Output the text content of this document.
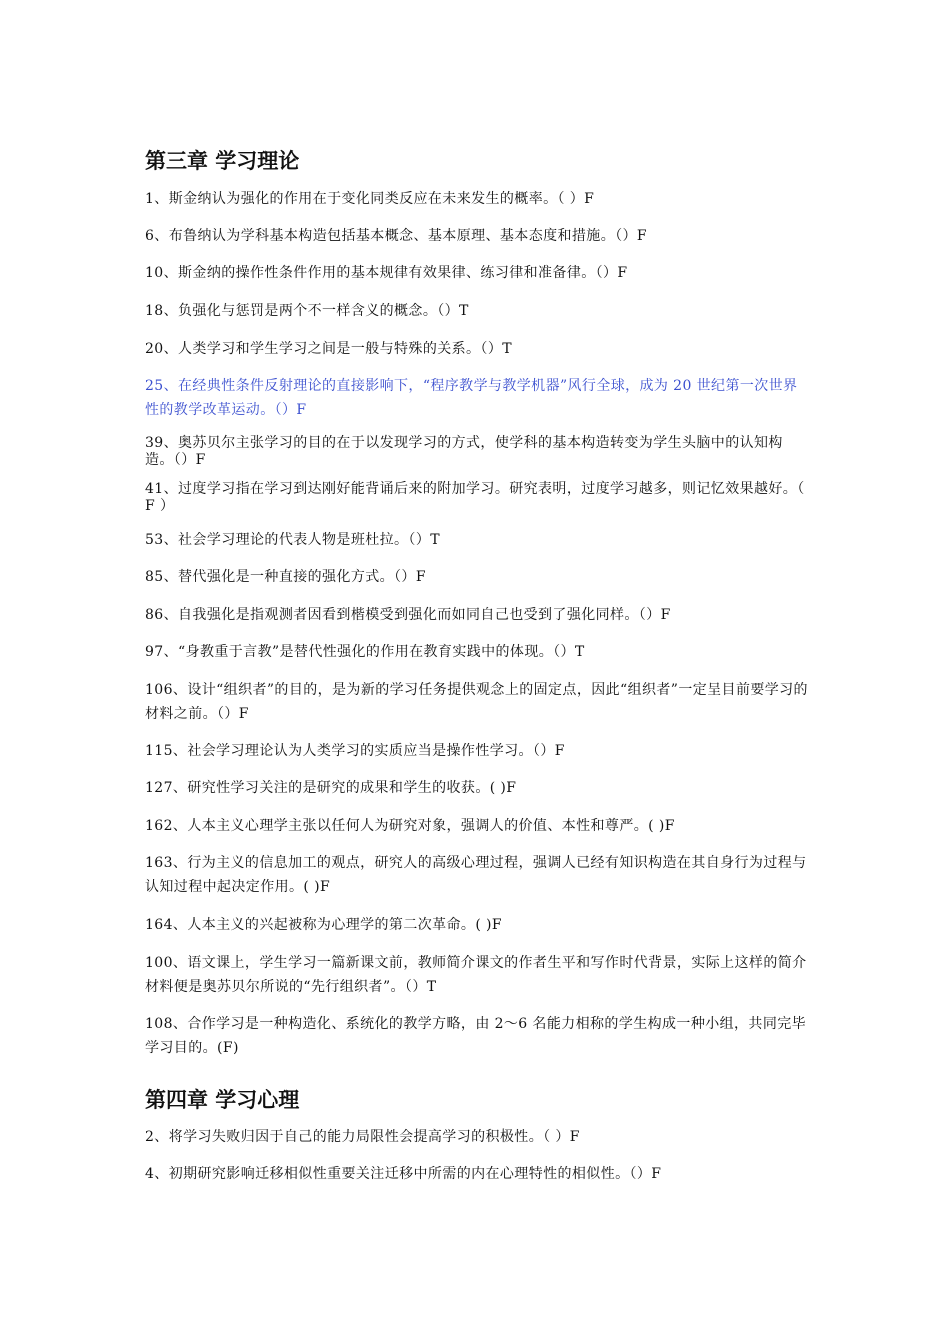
第三章 学习理论

1、斯金纳认为强化的作用在于变化同类反应在未来发生的概率。（ ）F

6、布鲁纳认为学科基本构造包括基本概念、基本原理、基本态度和措施。（）F

10、斯金纳的操作性条件作用的基本规律有效果律、练习律和准备律。（）F

18、负强化与惩罚是两个不一样含义的概念。（）T

20、人类学习和学生学习之间是一般与特殊的关系。（）T

25、在经典性条件反射理论的直接影响下，“程序教学与教学机器”风行全球，成为 20 世纪第一次世界性的教学改革运动。（）F

39、奥苏贝尔主张学习的目的在于以发现学习的方式，使学科的基本构造转变为学生头脑中的认知构造。（）F

41、过度学习指在学习到达刚好能背诵后来的附加学习。研究表明，过度学习越多，则记忆效果越好。（ F ）

53、社会学习理论的代表人物是班杜拉。（）T

85、替代强化是一种直接的强化方式。（）F

86、自我强化是指观测者因看到楷模受到强化而如同自己也受到了强化同样。（）F

97、“身教重于言教”是替代性强化的作用在教育实践中的体现。（）T

106、设计“组织者”的目的，是为新的学习任务提供观念上的固定点，因此“组织者”一定呈目前要学习的材料之前。（）F

115、社会学习理论认为人类学习的实质应当是操作性学习。（）F

127、研究性学习关注的是研究的成果和学生的收获。( )F

162、人本主义心理学主张以任何人为研究对象，强调人的价值、本性和尊严。( )F

163、行为主义的信息加工的观点，研究人的高级心理过程，强调人已经有知识构造在其自身行为过程与认知过程中起决定作用。( )F

164、人本主义的兴起被称为心理学的第二次革命。( )F

100、语文课上，学生学习一篇新课文前，教师简介课文的作者生平和写作时代背景，实际上这样的简介材料便是奥苏贝尔所说的“先行组织者”。（）T

108、合作学习是一种构造化、系统化的教学方略，由 2～6 名能力相称的学生构成一种小组，共同完毕学习目的。(F)

第四章 学习心理

2、将学习失败归因于自己的能力局限性会提高学习的积极性。（ ）F

4、初期研究影响迁移相似性重要关注迁移中所需的内在心理特性的相似性。（）F
